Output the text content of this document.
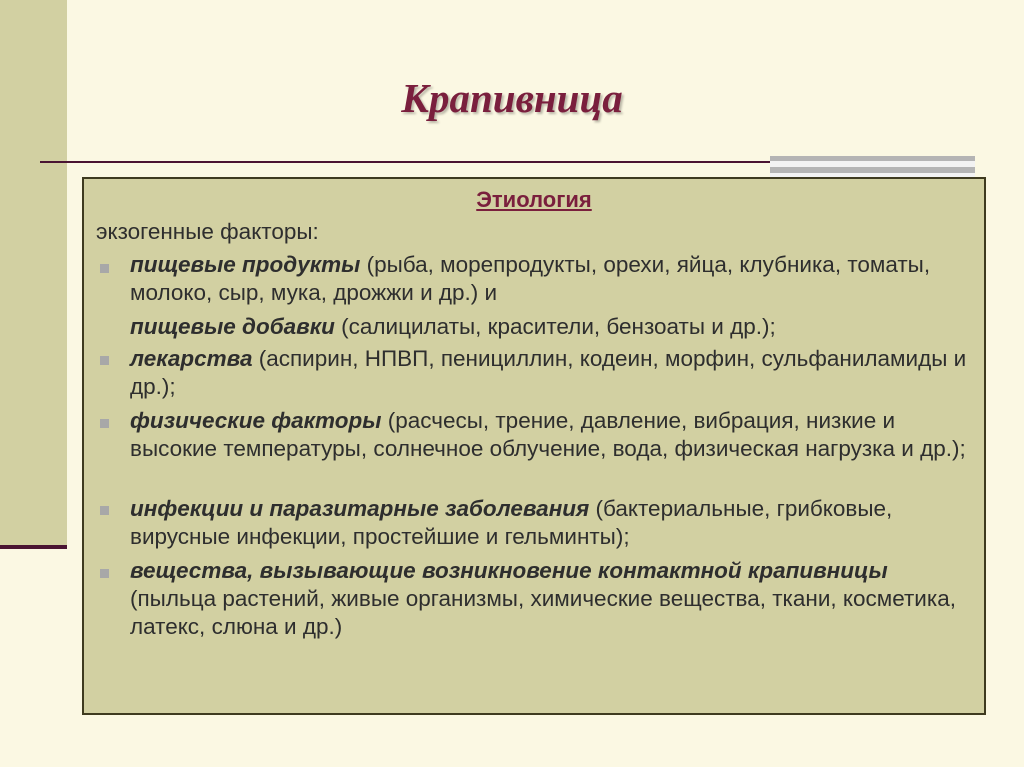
Крапивница
Этиология
экзогенные факторы:
пищевые продукты (рыба, морепродукты, орехи, яйца, клубника, томаты, молоко, сыр, мука, дрожжи и др.) и
пищевые добавки (салицилаты, красители, бензоаты и др.);
лекарства (аспирин, НПВП, пенициллин, кодеин, морфин, сульфаниламиды и др.);
физические факторы (расчесы, трение, давление, вибрация, низкие и высокие температуры, солнечное облучение, вода, физическая нагрузка и др.);
инфекции и паразитарные заболевания (бактериальные, грибковые, вирусные инфекции, простейшие и гельминты);
вещества, вызывающие возникновение контактной крапивницы (пыльца растений, живые организмы, химические вещества, ткани, косметика, латекс, слюна и др.)
